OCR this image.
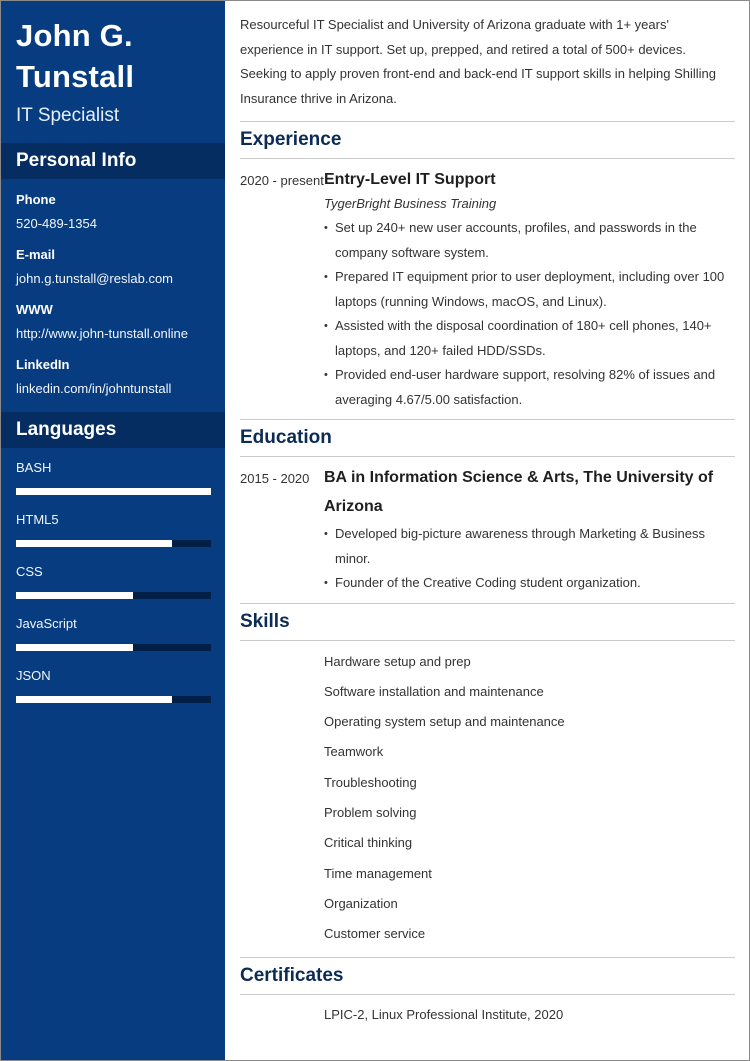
John G. Tunstall
IT Specialist
Personal Info
Phone
520-489-1354
E-mail
john.g.tunstall@reslab.com
WWW
http://www.john-tunstall.online
LinkedIn
linkedin.com/in/johntunstall
Languages
BASH
HTML5
CSS
JavaScript
JSON

Resourceful IT Specialist and University of Arizona graduate with 1+ years' experience in IT support. Set up, prepped, and retired a total of 500+ devices. Seeking to apply proven front-end and back-end IT support skills in helping Shilling Insurance thrive in Arizona.

Experience
2020 - present Entry-Level IT Support
TygerBright Business Training
• Set up 240+ new user accounts, profiles, and passwords in the company software system.
• Prepared IT equipment prior to user deployment, including over 100 laptops (running Windows, macOS, and Linux).
• Assisted with the disposal coordination of 180+ cell phones, 140+ laptops, and 120+ failed HDD/SSDs.
• Provided end-user hardware support, resolving 82% of issues and averaging 4.67/5.00 satisfaction.
Education
2015 - 2020 BA in Information Science & Arts, The University of Arizona
• Developed big-picture awareness through Marketing & Business minor.
• Founder of the Creative Coding student organization.
Skills
Hardware setup and prep
Software installation and maintenance
Operating system setup and maintenance
Teamwork
Troubleshooting
Problem solving
Critical thinking
Time management
Organization
Customer service
Certificates
LPIC-2, Linux Professional Institute, 2020
